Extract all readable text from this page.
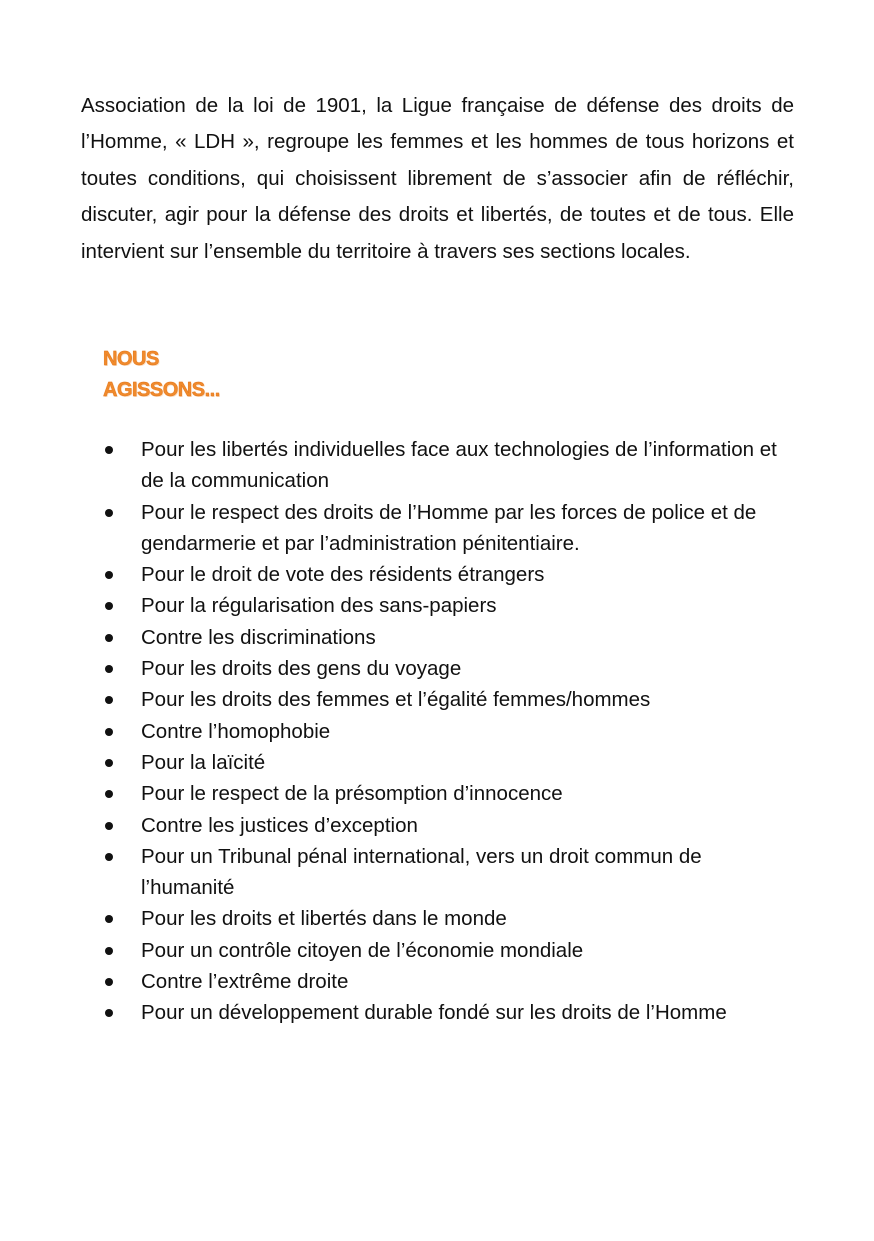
Association de la loi de 1901, la Ligue française de défense des droits de l’Homme, « LDH », regroupe les femmes et les hommes de tous horizons et toutes conditions, qui choisissent librement de s’associer afin de réfléchir, discuter, agir pour la défense des droits et libertés, de toutes et de tous. Elle intervient sur l’ensemble du territoire à travers ses sections locales.

NOUS
AGISSONS...
Pour les libertés individuelles face aux technologies de l’information et de la communication
Pour le respect des droits de l’Homme par les forces de police et de gendarmerie et par l’administration pénitentiaire.
Pour le droit de vote des résidents étrangers
Pour la régularisation des sans-papiers
Contre les discriminations
Pour les droits des gens du voyage
Pour les droits des femmes et l’égalité femmes/hommes
Contre l’homophobie
Pour la laïcité
Pour le respect de la présomption d’innocence
Contre les justices d’exception
Pour un Tribunal pénal international, vers un droit commun de l’humanité
Pour les droits et libertés dans le monde
Pour un contrôle citoyen de l’économie mondiale
Contre l’extrême droite
Pour un développement durable fondé sur les droits de l’Homme
